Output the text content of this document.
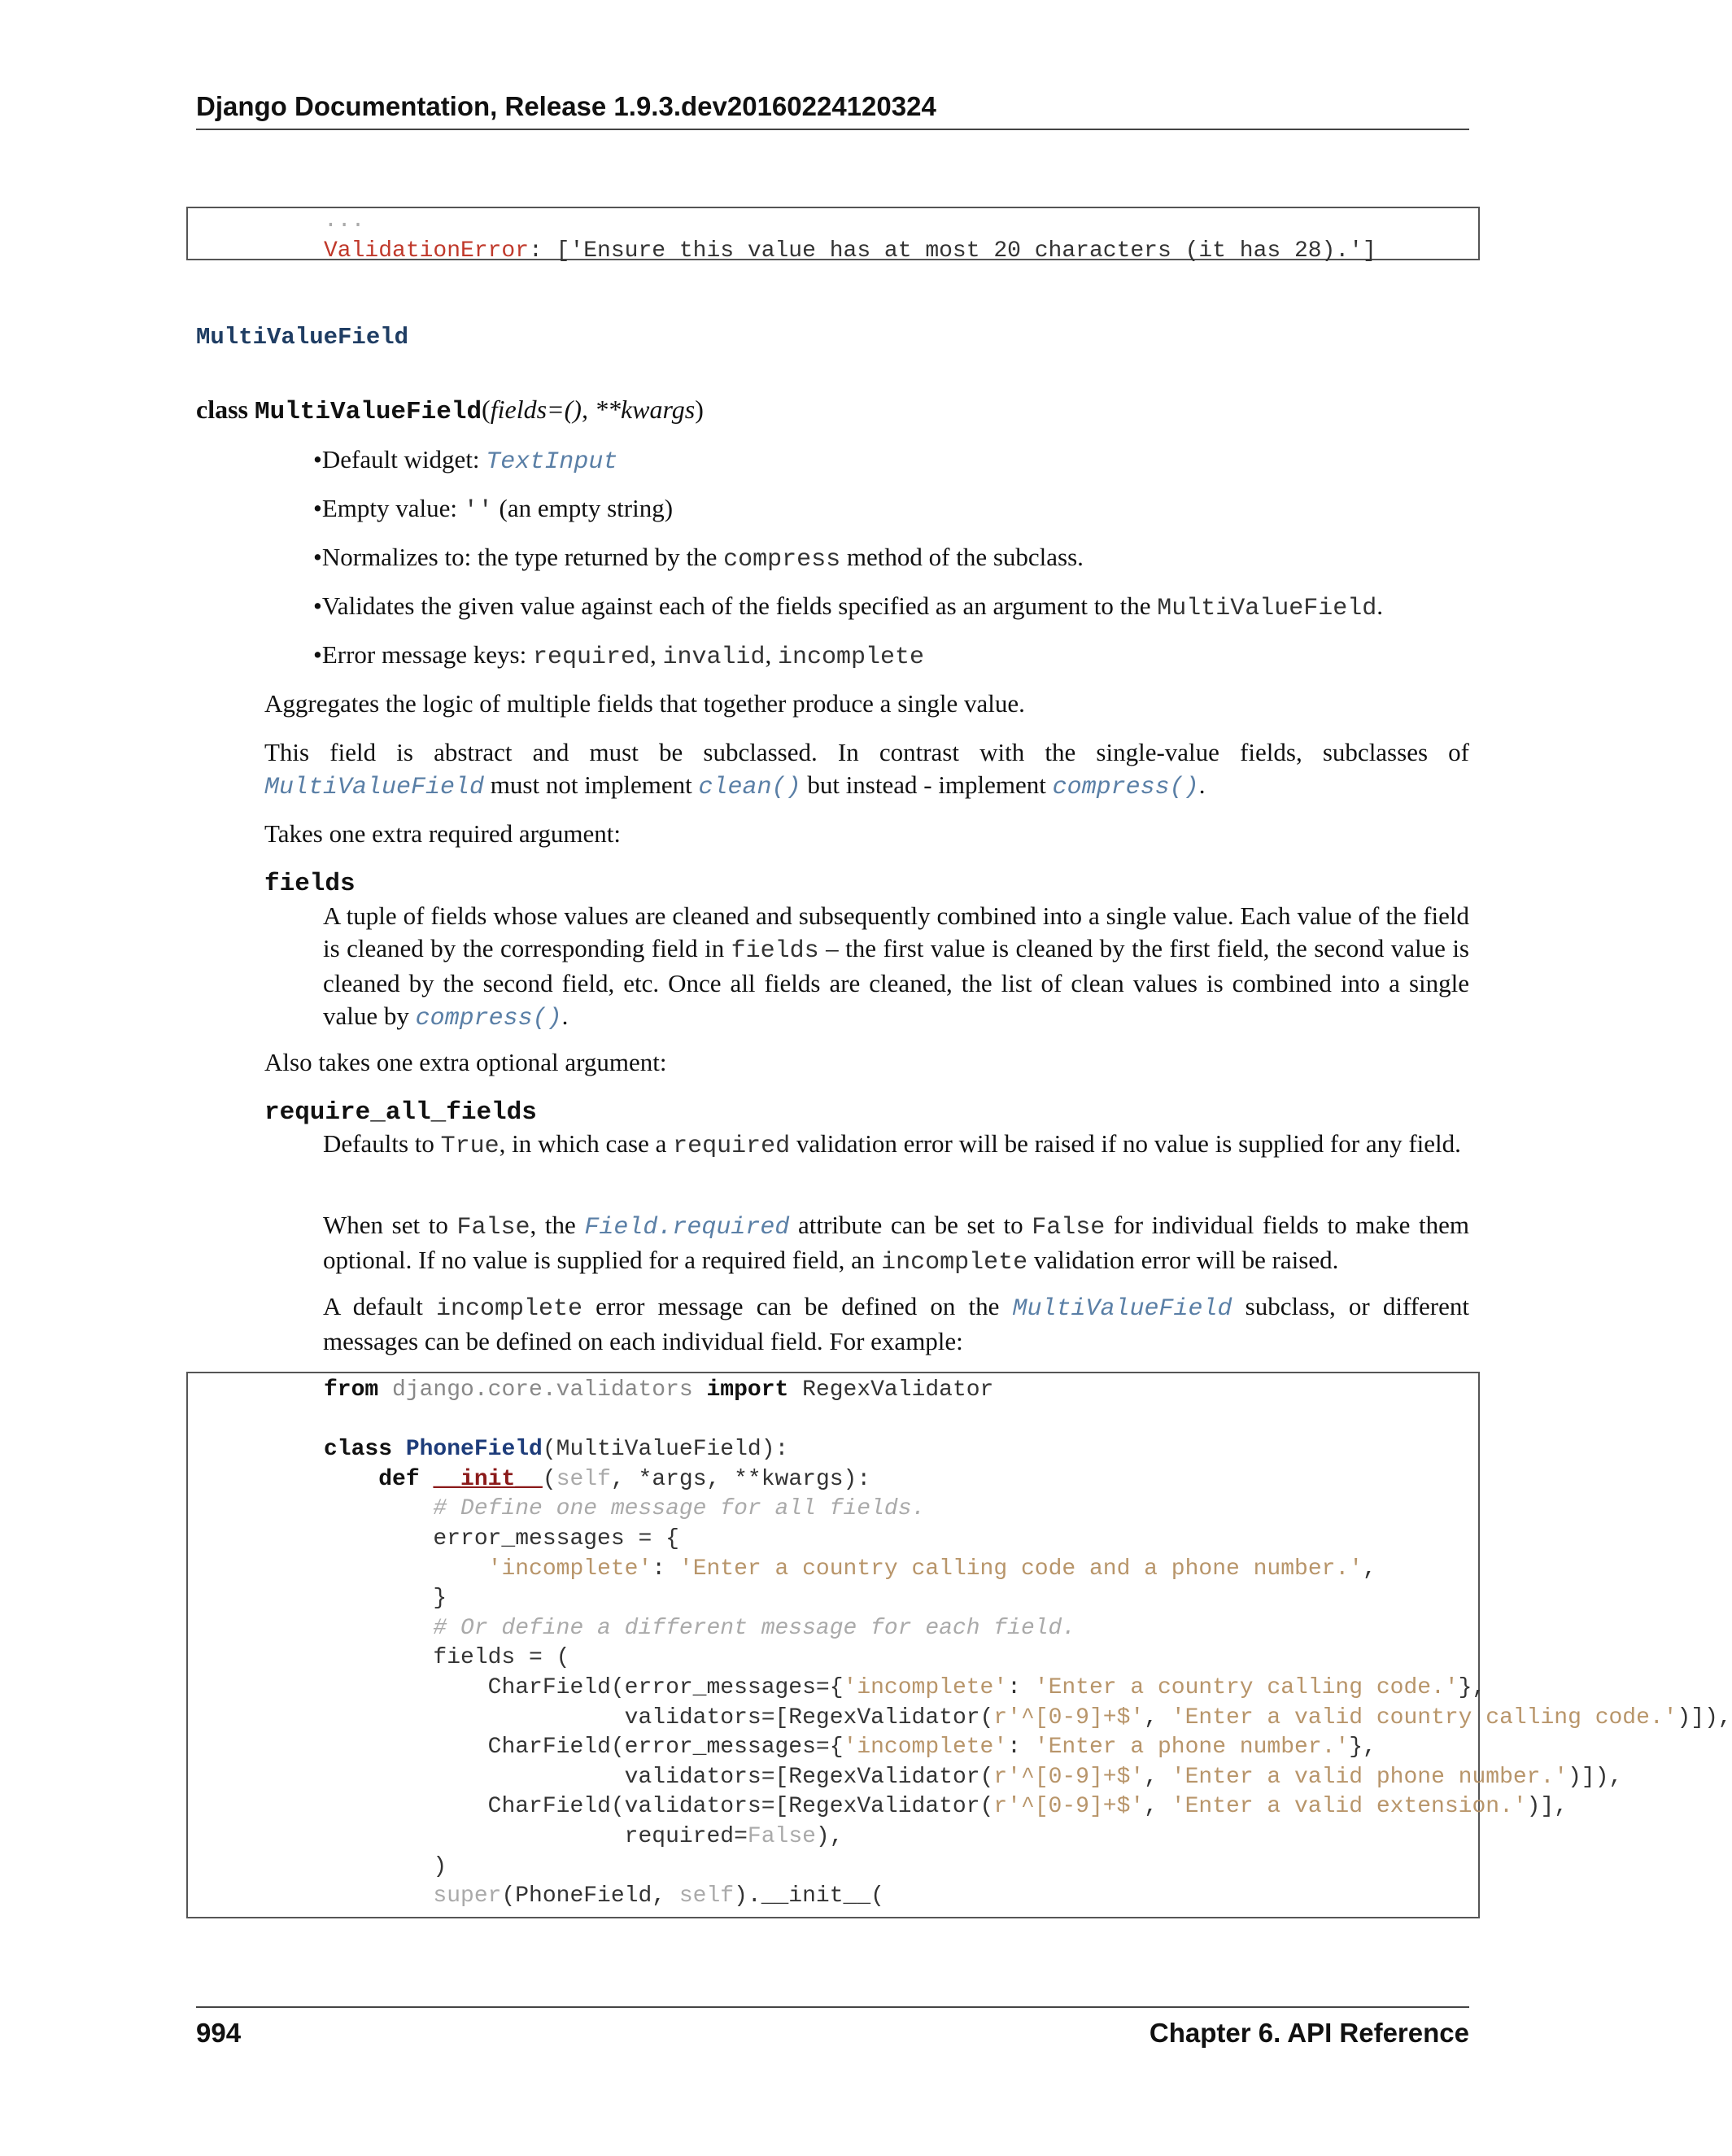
Django Documentation, Release 1.9.3.dev20160224120324
...
ValidationError: ['Ensure this value has at most 20 characters (it has 28).']
MultiValueField
class MultiValueField(fields=(), **kwargs)
•Default widget: TextInput
•Empty value: '' (an empty string)
•Normalizes to: the type returned by the compress method of the subclass.
•Validates the given value against each of the fields specified as an argument to the MultiValueField.
•Error message keys: required, invalid, incomplete
Aggregates the logic of multiple fields that together produce a single value.
This field is abstract and must be subclassed. In contrast with the single-value fields, subclasses of MultiValueField must not implement clean() but instead - implement compress().
Takes one extra required argument:
fields
A tuple of fields whose values are cleaned and subsequently combined into a single value. Each value of the field is cleaned by the corresponding field in fields – the first value is cleaned by the first field, the second value is cleaned by the second field, etc. Once all fields are cleaned, the list of clean values is combined into a single value by compress().
Also takes one extra optional argument:
require_all_fields
Defaults to True, in which case a required validation error will be raised if no value is supplied for any field.
When set to False, the Field.required attribute can be set to False for individual fields to make them optional. If no value is supplied for a required field, an incomplete validation error will be raised.
A default incomplete error message can be defined on the MultiValueField subclass, or different messages can be defined on each individual field. For example:
from django.core.validators import RegexValidator

class PhoneField(MultiValueField):
def __init__(self, *args, **kwargs):
# Define one message for all fields.
error_messages = {
'incomplete': 'Enter a country calling code and a phone number.',
}
# Or define a different message for each field.
fields = (
CharField(error_messages={'incomplete': 'Enter a country calling code.'},
validators=[RegexValidator(r'^[0-9]+$', 'Enter a valid country calling code.')]),
CharField(error_messages={'incomplete': 'Enter a phone number.'},
validators=[RegexValidator(r'^[0-9]+$', 'Enter a valid phone number.')]),
CharField(validators=[RegexValidator(r'^[0-9]+$', 'Enter a valid extension.')],
required=False),
)
super(PhoneField, self).__init__(
994	Chapter 6. API Reference
